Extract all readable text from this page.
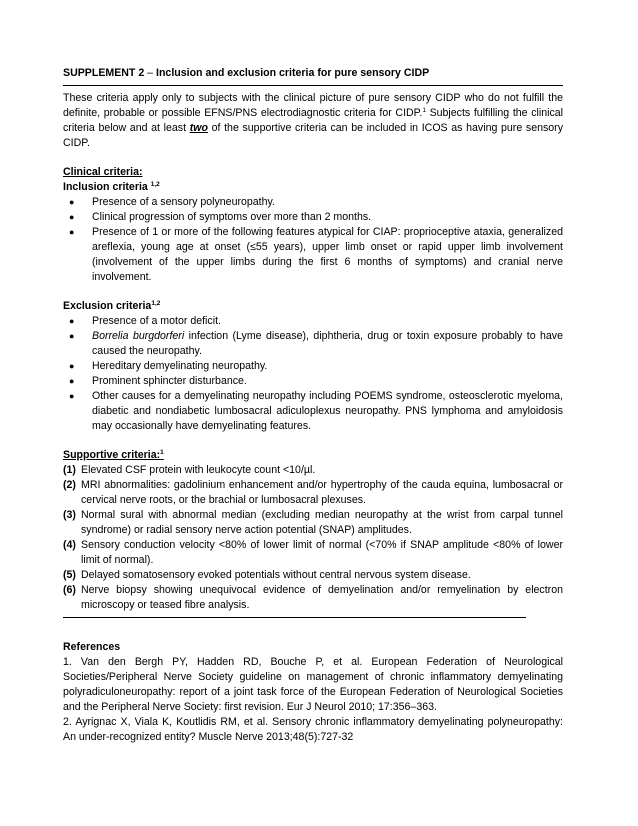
SUPPLEMENT 2 – Inclusion and exclusion criteria for pure sensory CIDP

These criteria apply only to subjects with the clinical picture of pure sensory CIDP who do not fulfill the definite, probable or possible EFNS/PNS electrodiagnostic criteria for CIDP.$^1$ Subjects fulfilling the clinical criteria below and at least two of the supportive criteria can be included in ICOS as having pure sensory CIDP.

Clinical criteria:

Inclusion criteria $^{1,2}$

● Presence of a sensory polyneuropathy.
● Clinical progression of symptoms over more than 2 months.
● Presence of 1 or more of the following features atypical for CIAP: proprioceptive ataxia, generalized areflexia, young age at onset (≤55 years), upper limb onset or rapid upper limb involvement (involvement of the upper limbs during the first 6 months of symptoms) and cranial nerve involvement.

Exclusion criteria$^{1,2}$

● Presence of a motor deficit.
● Borrelia burgdorferi infection (Lyme disease), diphtheria, drug or toxin exposure probably to have caused the neuropathy.
● Hereditary demyelinating neuropathy.
● Prominent sphincter disturbance.
● Other causes for a demyelinating neuropathy including POEMS syndrome, osteosclerotic myeloma, diabetic and nondiabetic lumbosacral adiculoplexus neuropathy. PNS lymphoma and amyloidosis may occasionally have demyelinating features.

Supportive criteria:$^1$

(1) Elevated CSF protein with leukocyte count <10/µl.
(2) MRI abnormalities: gadolinium enhancement and/or hypertrophy of the cauda equina, lumbosacral or cervical nerve roots, or the brachial or lumbosacral plexuses.
(3) Normal sural with abnormal median (excluding median neuropathy at the wrist from carpal tunnel syndrome) or radial sensory nerve action potential (SNAP) amplitudes.
(4) Sensory conduction velocity <80% of lower limit of normal (<70% if SNAP amplitude <80% of lower limit of normal).
(5) Delayed somatosensory evoked potentials without central nervous system disease.
(6) Nerve biopsy showing unequivocal evidence of demyelination and/or remyelination by electron microscopy or teased fibre analysis.

References

1. Van den Bergh PY, Hadden RD, Bouche P, et al. European Federation of Neurological Societies/Peripheral Nerve Society guideline on management of chronic inflammatory demyelinating polyradiculoneuropathy: report of a joint task force of the European Federation of Neurological Societies and the Peripheral Nerve Society: first revision. Eur J Neurol 2010; 17:356–363.

2. Ayrignac X, Viala K, Koutlidis RM, et al. Sensory chronic inflammatory demyelinating polyneuropathy: An under-recognized entity? Muscle Nerve 2013;48(5):727-32
